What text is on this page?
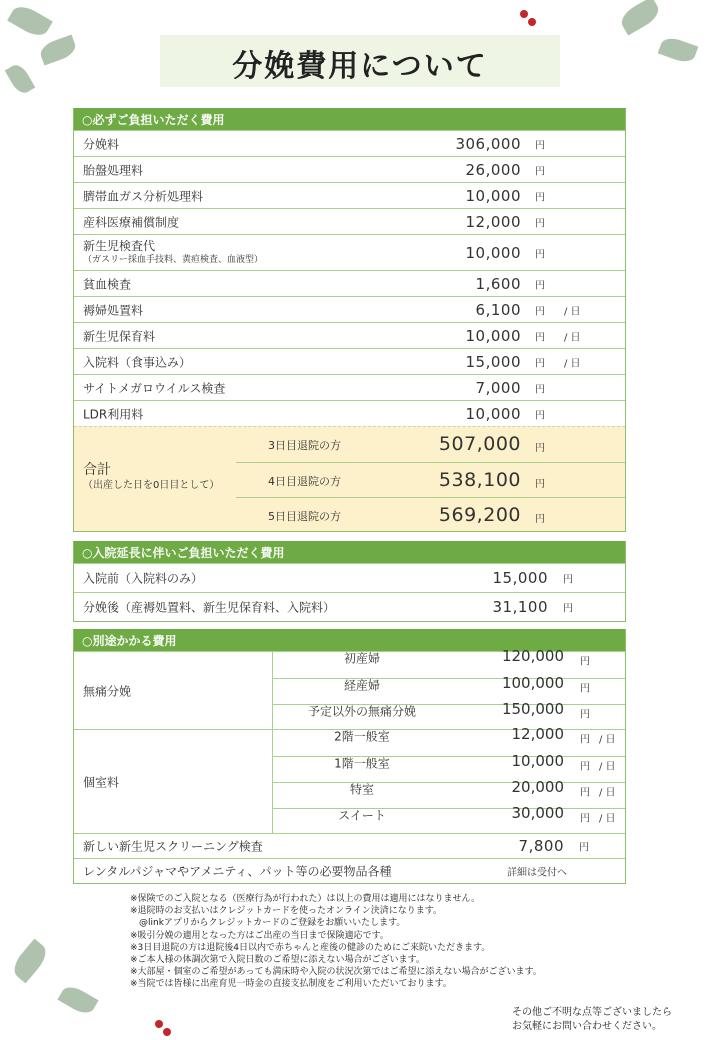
分娩費用について
○必ずご負担いただく費用
分娩料	306,000 円
胎盤処理料	26,000 円
臍帯血ガス分析処理料	10,000 円
産科医療補償制度	12,000 円
新生児検査代
（ガスリー採血手技料、黄疸検査、血液型）	10,000 円
貧血検査	1,600 円
褥婦処置料	6,100 円 / 日
新生児保育料	10,000 円 / 日
入院料（食事込み）	15,000 円 / 日
サイトメガロウイルス検査	7,000 円
LDR利用料	10,000 円
合計
（出産した日を0日目として）
3日目退院の方	507,000 円
4日目退院の方	538,100 円
5日目退院の方	569,200 円
○入院延長に伴いご負担いただく費用
入院前（入院料のみ）	15,000 円
分娩後（産褥処置料、新生児保育料、入院料）	31,100 円
○別途かかる費用
無痛分娩
初産婦	120,000 円
経産婦	100,000 円
予定以外の無痛分娩	150,000 円
個室料
2階一般室	12,000 円 / 日
1階一般室	10,000 円 / 日
特室	20,000 円 / 日
スイート	30,000 円 / 日
新しい新生児スクリーニング検査	7,800 円
レンタルパジャマやアメニティ、パット等の必要物品各種	詳細は受付へ
※保険でのご入院となる（医療行為が行われた）は以上の費用は適用にはなりません。
※退院時のお支払いはクレジットカードを使ったオンライン決済になります。
　@linkアプリからクレジットカードのご登録をお願いいたします。
※吸引分娩の適用となった方はご出産の当日まで保険適応です。
※3日目退院の方は退院後4日以内で赤ちゃんと産後の健診のためにご来院いただきます。
※ご本人様の体調次第で入院日数のご希望に添えない場合がございます。
※大部屋・個室のご希望があっても満床時や入院の状況次第ではご希望に添えない場合がございます。
※当院では皆様に出産育児一時金の直接支払制度をご利用いただいております。
その他ご不明な点等ございましたら
お気軽にお問い合わせください。
